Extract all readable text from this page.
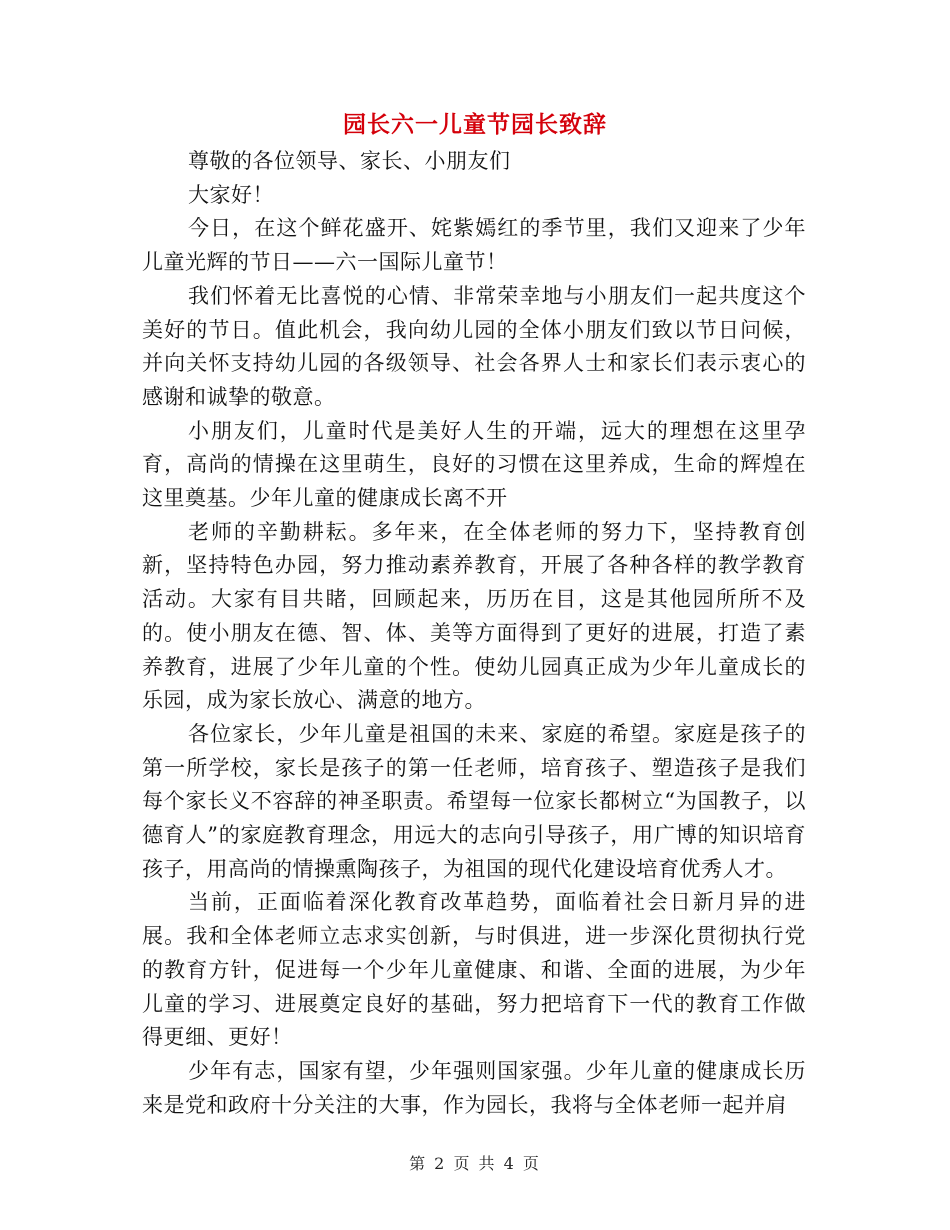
园长六一儿童节园长致辞

尊敬的各位领导、家长、小朋友们

大家好！

今日，在这个鲜花盛开、姹紫嫣红的季节里，我们又迎来了少年儿童光辉的节日——六一国际儿童节！

我们怀着无比喜悦的心情、非常荣幸地与小朋友们一起共度这个美好的节日。值此机会，我向幼儿园的全体小朋友们致以节日问候，并向关怀支持幼儿园的各级领导、社会各界人士和家长们表示衷心的感谢和诚挚的敬意。

小朋友们，儿童时代是美好人生的开端，远大的理想在这里孕育，高尚的情操在这里萌生，良好的习惯在这里养成，生命的辉煌在这里奠基。少年儿童的健康成长离不开

老师的辛勤耕耘。多年来，在全体老师的努力下，坚持教育创新，坚持特色办园，努力推动素养教育，开展了各种各样的教学教育活动。大家有目共睹，回顾起来，历历在目，这是其他园所所不及的。使小朋友在德、智、体、美等方面得到了更好的进展，打造了素养教育，进展了少年儿童的个性。使幼儿园真正成为少年儿童成长的乐园，成为家长放心、满意的地方。

各位家长，少年儿童是祖国的未来、家庭的希望。家庭是孩子的第一所学校，家长是孩子的第一任老师，培育孩子、塑造孩子是我们每个家长义不容辞的神圣职责。希望每一位家长都树立“为国教子，以德育人”的家庭教育理念，用远大的志向引导孩子，用广博的知识培育孩子，用高尚的情操熏陶孩子，为祖国的现代化建设培育优秀人才。

当前，正面临着深化教育改革趋势，面临着社会日新月异的进展。我和全体老师立志求实创新，与时俱进，进一步深化贯彻执行党的教育方针，促进每一个少年儿童健康、和谐、全面的进展，为少年儿童的学习、进展奠定良好的基础，努力把培育下一代的教育工作做得更细、更好！

少年有志，国家有望，少年强则国家强。少年儿童的健康成长历来是党和政府十分关注的大事，作为园长，我将与全体老师一起并肩

第 2 页 共 4 页
